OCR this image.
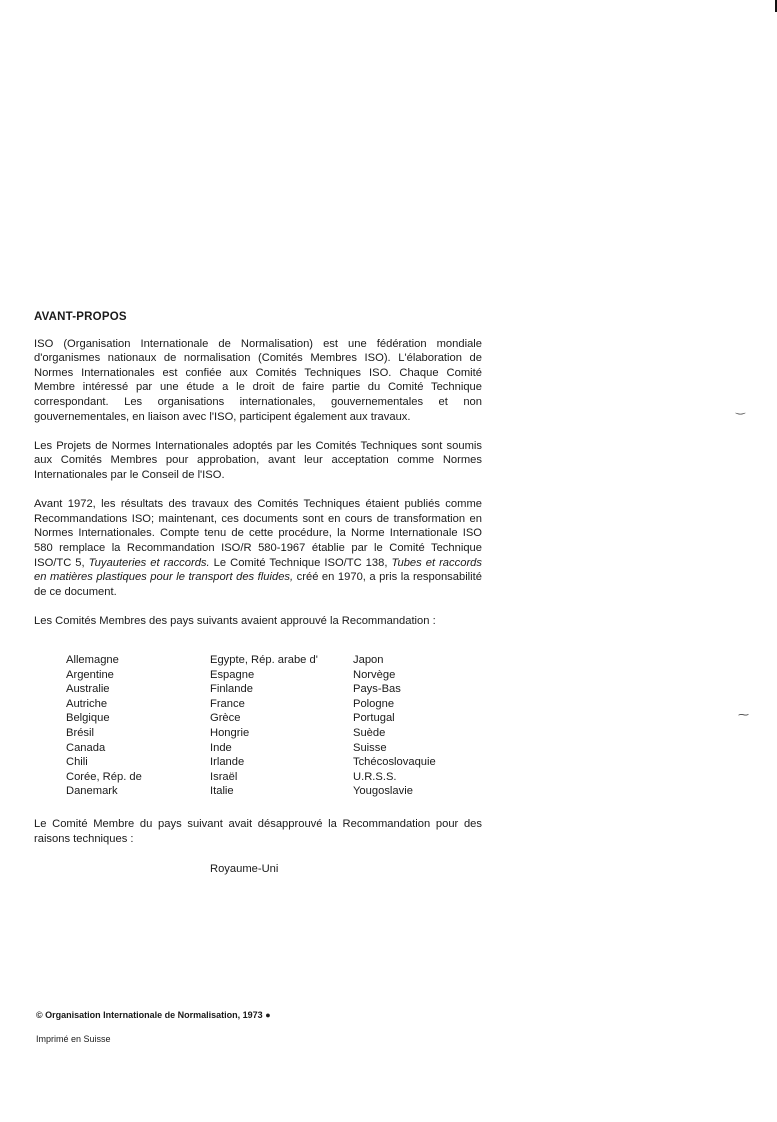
‿
⁓
AVANT-PROPOS

ISO (Organisation Internationale de Normalisation) est une fédération mondiale d'organismes nationaux de normalisation (Comités Membres ISO). L'élaboration de Normes Internationales est confiée aux Comités Techniques ISO. Chaque Comité Membre intéressé par une étude a le droit de faire partie du Comité Technique correspondant. Les organisations internationales, gouvernementales et non gouvernementales, en liaison avec l'ISO, participent également aux travaux.

Les Projets de Normes Internationales adoptés par les Comités Techniques sont soumis aux Comités Membres pour approbation, avant leur acceptation comme Normes Internationales par le Conseil de l'ISO.

Avant 1972, les résultats des travaux des Comités Techniques étaient publiés comme Recommandations ISO; maintenant, ces documents sont en cours de transformation en Normes Internationales. Compte tenu de cette procédure, la Norme Internationale ISO 580 remplace la Recommandation ISO/R 580-1967 établie par le Comité Technique ISO/TC 5, Tuyauteries et raccords. Le Comité Technique ISO/TC 138, Tubes et raccords en matières plastiques pour le transport des fluides, créé en 1970, a pris la responsabilité de ce document.

Les Comités Membres des pays suivants avaient approuvé la Recommandation :

Allemagne	Egypte, Rép. arabe d'	Japon
Argentine	Espagne	Norvège
Australie	Finlande	Pays-Bas
Autriche	France	Pologne
Belgique	Grèce	Portugal
Brésil	Hongrie	Suède
Canada	Inde	Suisse
Chili	Irlande	Tchécoslovaquie
Corée, Rép. de	Israël	U.R.S.S.
Danemark	Italie	Yougoslavie

Le Comité Membre du pays suivant avait désapprouvé la Recommandation pour des raisons techniques :

Royaume-Uni
© Organisation Internationale de Normalisation, 1973 ●
Imprimé en Suisse
